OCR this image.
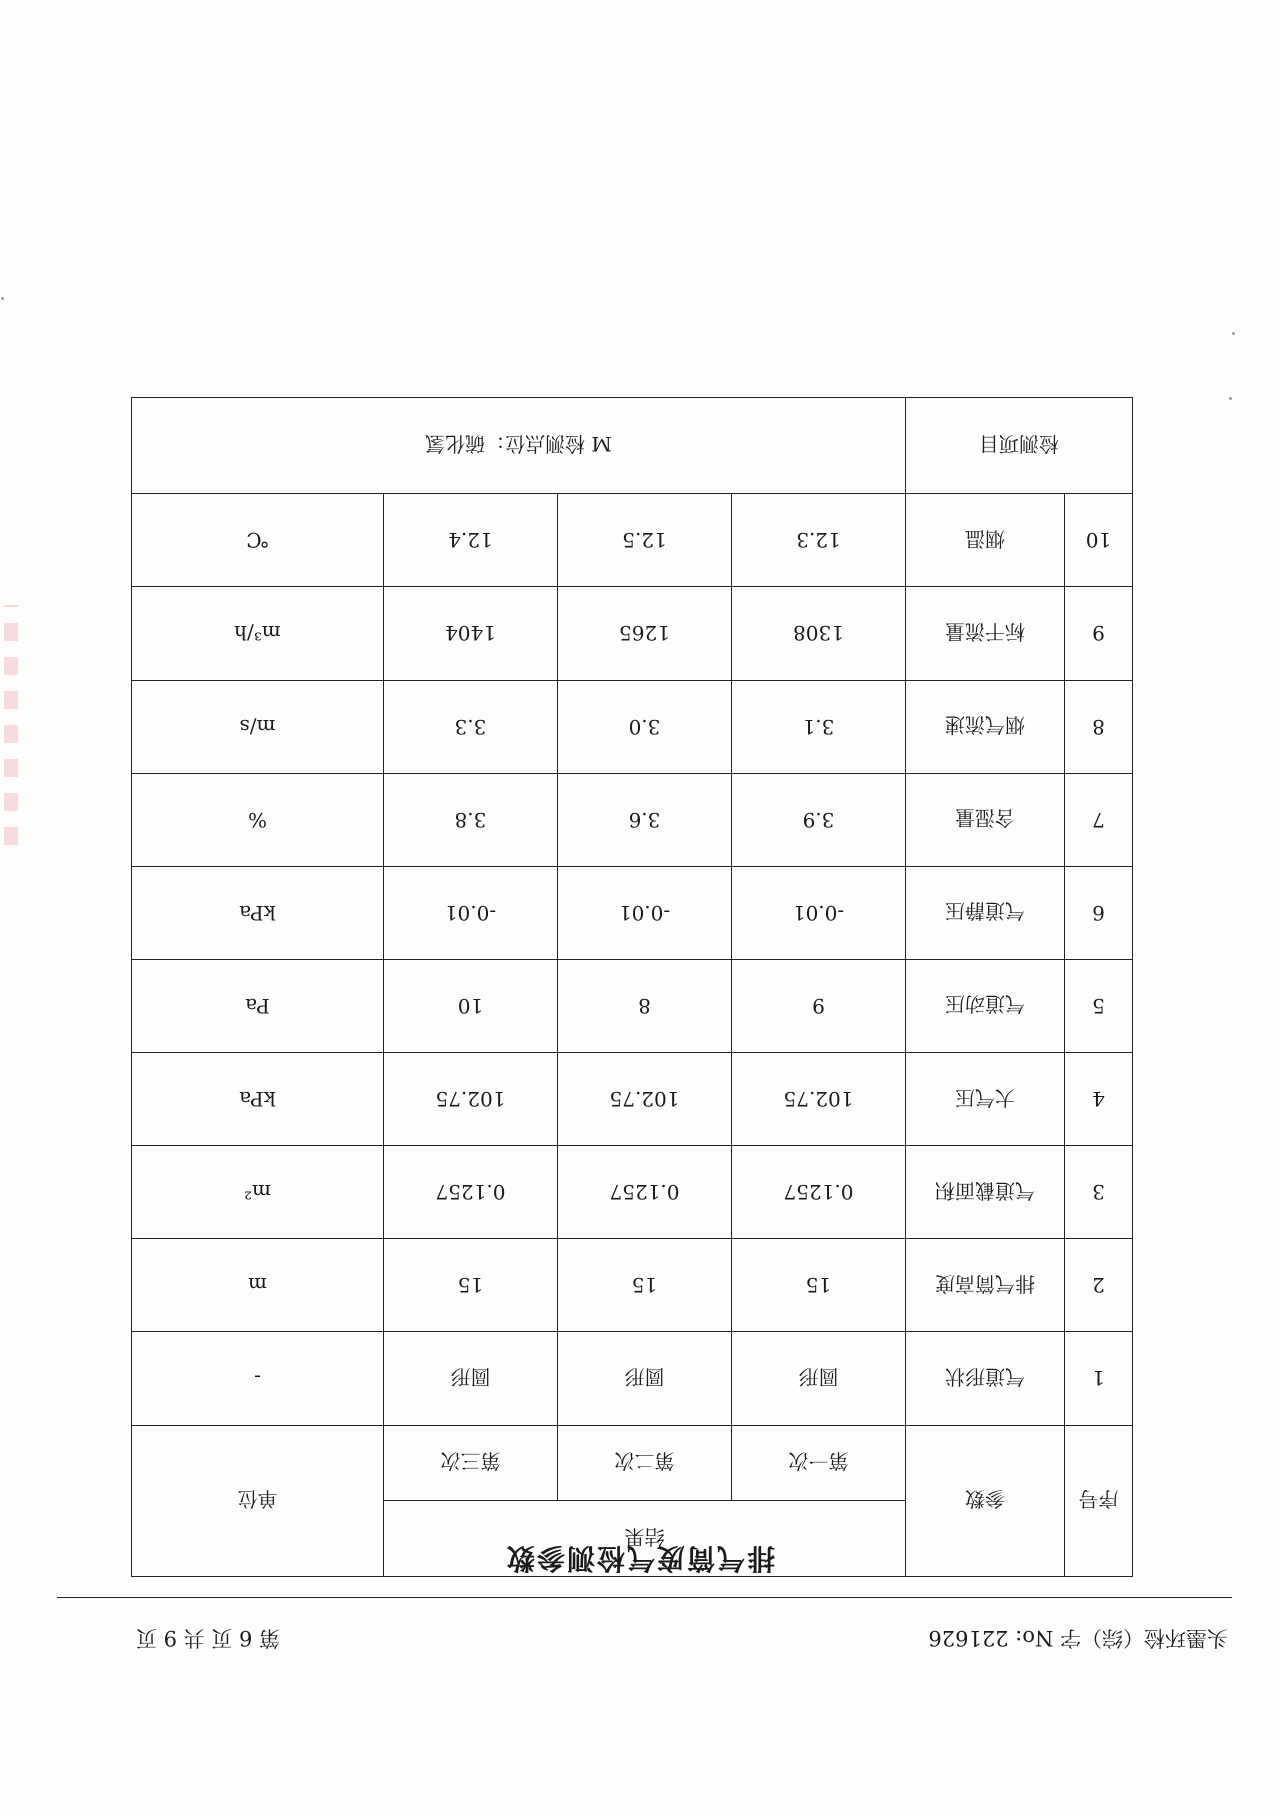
头墨环检（综）字 No: 221626
第 6 页 共 9 页
排气筒废气检测参数
序号	参数	结果			单位
		第一次	第二次	第三次	
1	气道形状	圆形	圆形	圆形	-
2	排气筒高度	15	15	15	m
3	气道截面积	0.1257	0.1257	0.1257	m²
4	大气压	102.75	102.75	102.75	kPa
5	气道动压	9	8	10	Pa
6	气道静压	-0.01	-0.01	-0.01	kPa
7	含湿量	3.9	3.6	3.8	%
8	烟气流速	3.1	3.0	3.3	m/s
9	标干流量	1308	1265	1404	m³/h
10	烟温	12.3	12.5	12.4	℃
检测项目		M 检测点位：硫化氢			
